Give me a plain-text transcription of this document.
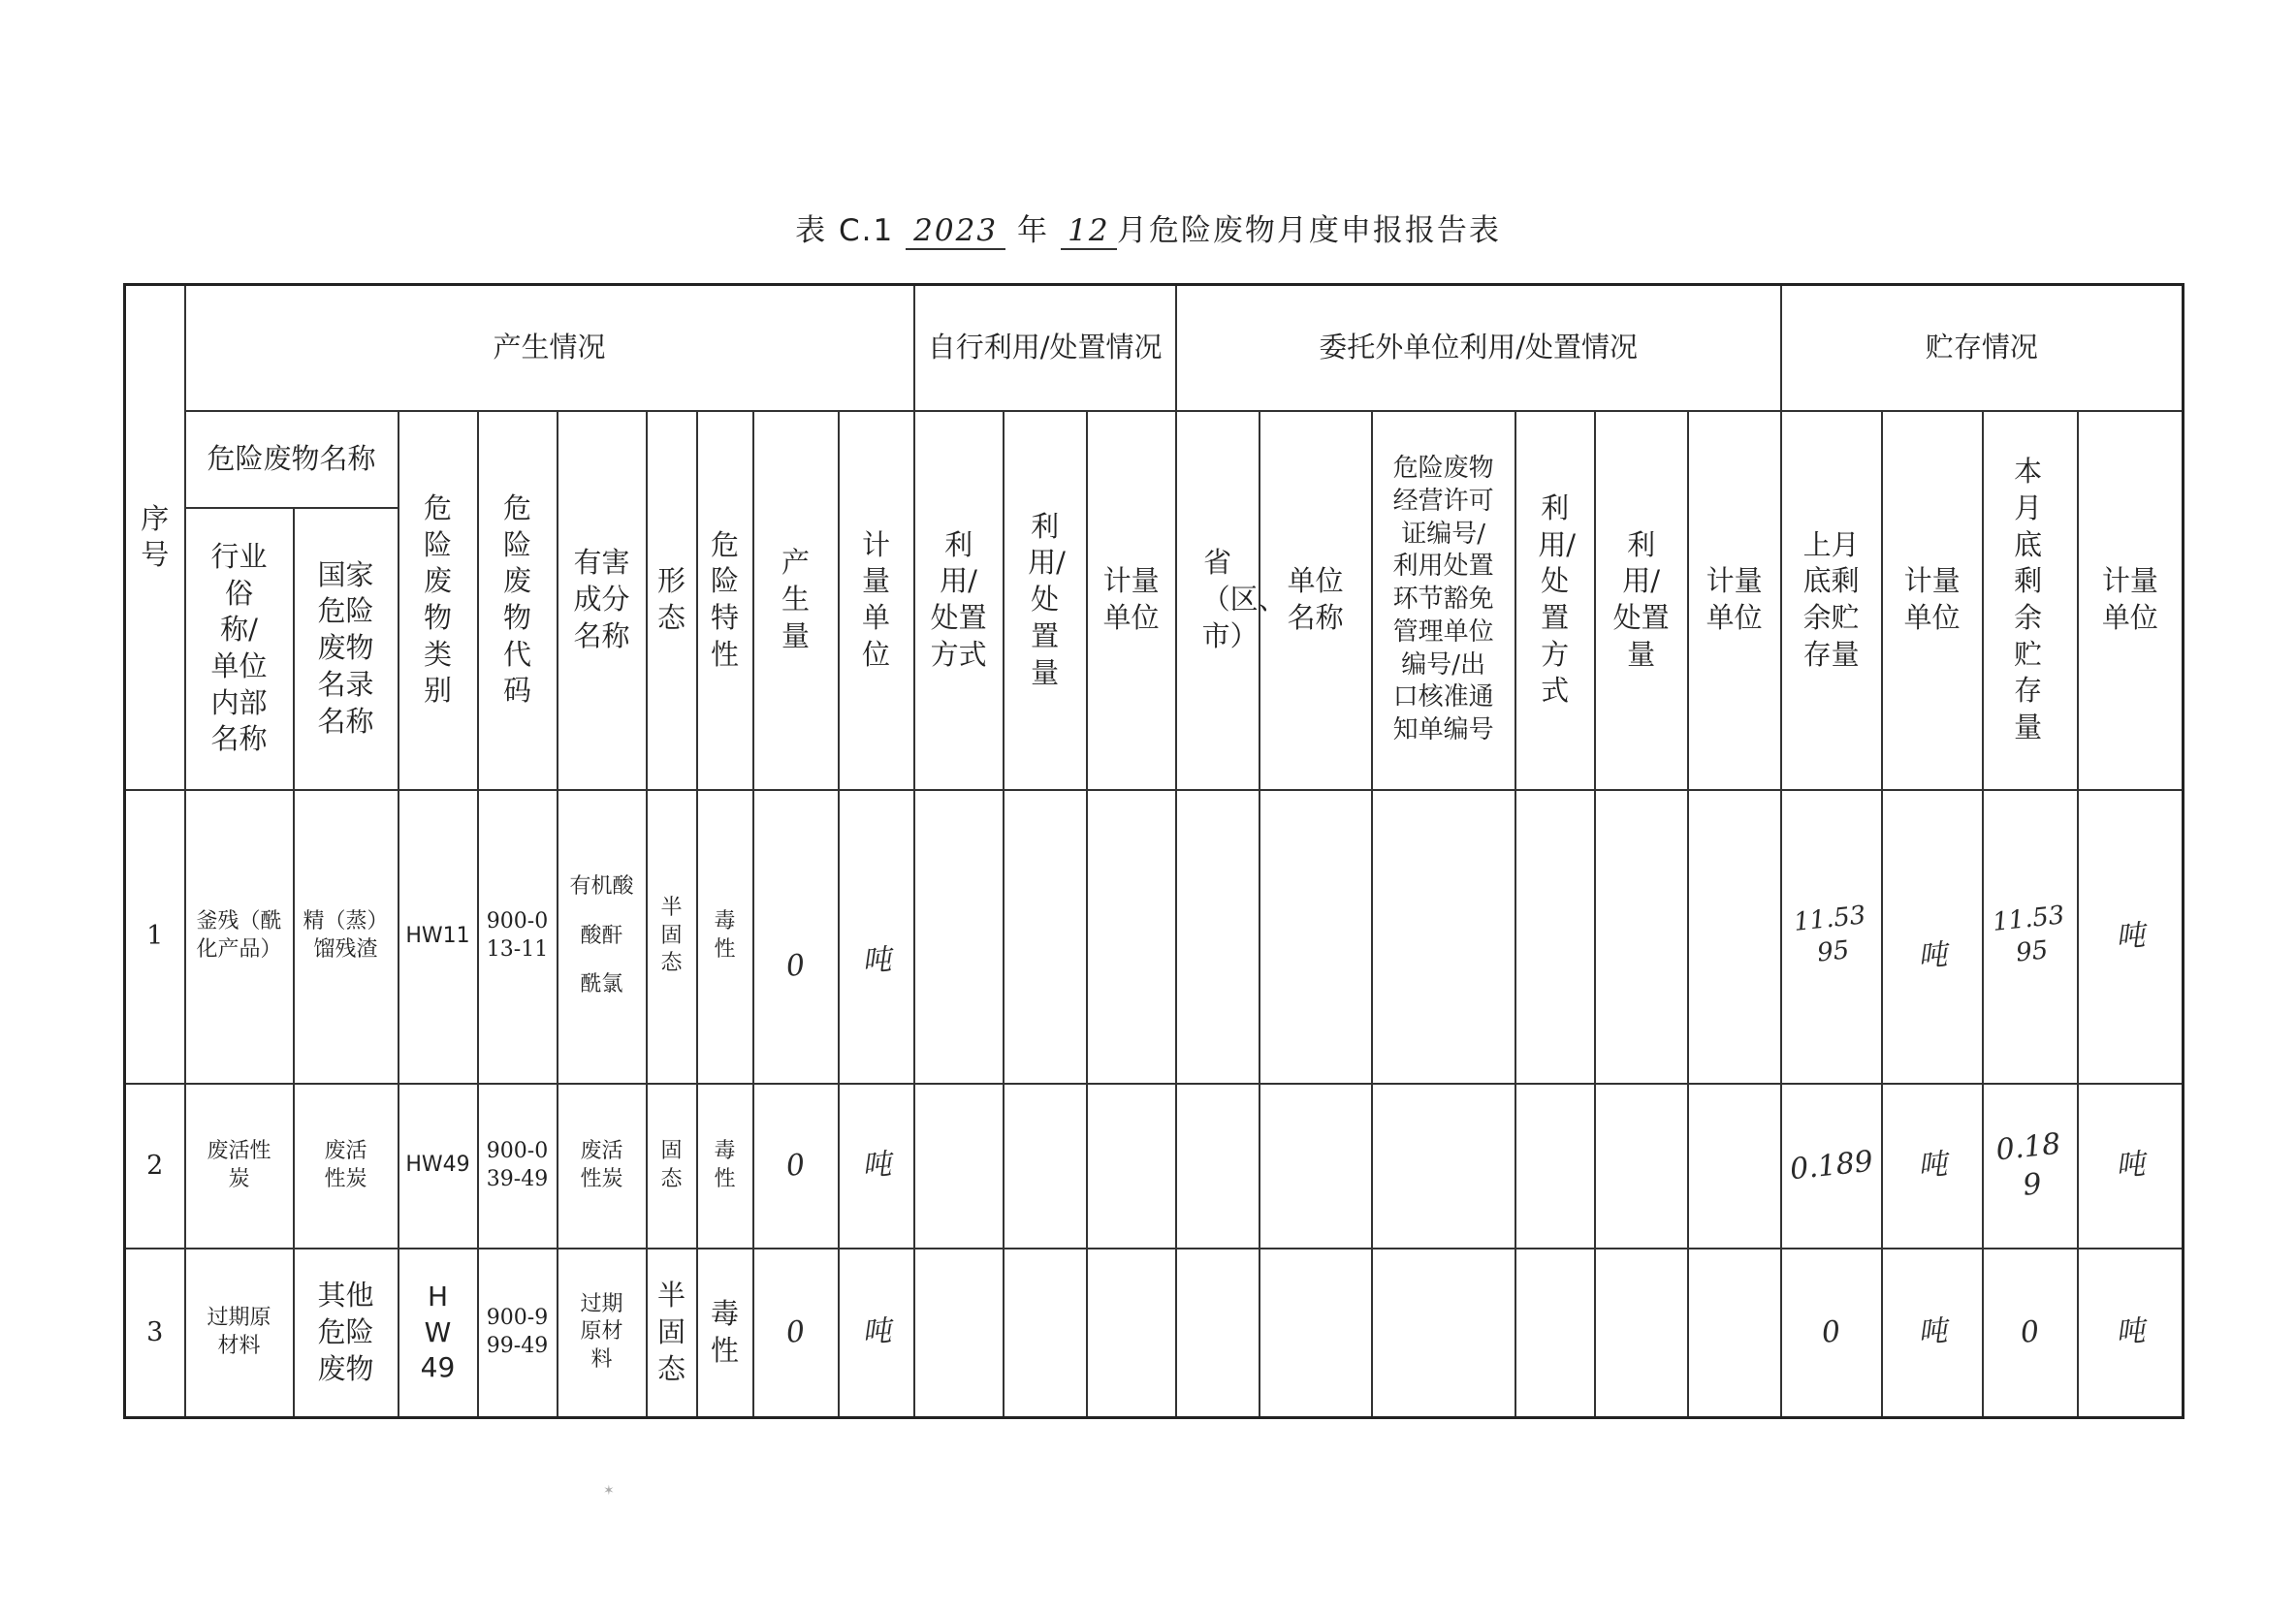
表 C.1 2023 年 12 月危险废物月度申报报告表
序号	产生情况									自行利用/处置情况			委托外单位利用/处置情况						贮存情况			
	危险废物名称		危险废物类别	危险废物代码	有害成分名称	形态	危险特性	产生量	计量单位	利用/处置方式	利用/处置量	计量单位	省（区、市）	单位名称	危险废物经营许可证编号/利用处置环节豁免管理单位编号/出口核准通知单编号	利用/处置方式	利用/处置量	计量单位	上月底剩余贮存量	计量单位	本月底剩余贮存量	计量单位

	行业俗称/单位内部名称	国家危险废物名录名称																				

1	釜残（酰化产品）	精（蒸）馏残渣	HW11	900-013-11	有机酸
酸酐
酰氯	半固态	毒性	0	吨										11.5395	吨	11.5395	吨
2	废活性炭	废活性炭	HW49	900-039-49	废活性炭	固态	毒性	0	吨										0.189	吨	0.189	吨
3	过期原材料	其他危险废物	HW49	900-999-49	过期原材料	半固态	毒性	0	吨										0	吨	0	吨
✶
